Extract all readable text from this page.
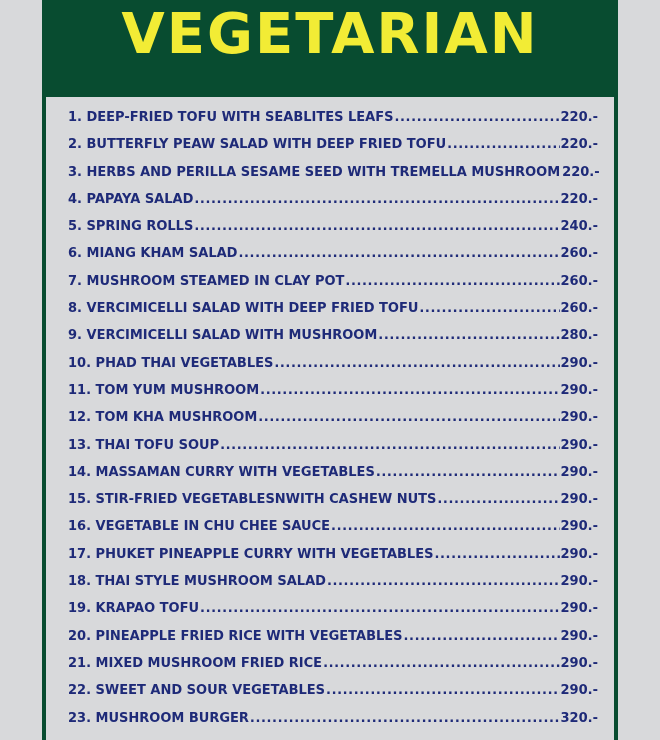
VEGETARIAN
1. DEEP-FRIED TOFU WITH SEABLITES LEAFS .....	220.-
2. BUTTERFLY PEAW SALAD WITH DEEP FRIED TOFU .....	220.-
3. HERBS AND PERILLA SESAME SEED WITH TREMELLA MUSHROOM 220.-
4. PAPAYA SALAD .....	220.-
5. SPRING ROLLS .....	240.-
6. MIANG KHAM SALAD .....	260.-
7. MUSHROOM STEAMED IN CLAY POT .....	260.-
8. VERCIMICELLI SALAD WITH DEEP FRIED TOFU .....	260.-
9. VERCIMICELLI SALAD WITH MUSHROOM .....	280.-
10. PHAD THAI VEGETABLES .....	290.-
11. TOM YUM MUSHROOM .....	290.-
12. TOM KHA MUSHROOM .....	290.-
13. THAI TOFU SOUP .....	290.-
14. MASSAMAN CURRY WITH VEGETABLES .....	290.-
15. STIR-FRIED VEGETABLESNWITH CASHEW NUTS .....	290.-
16. VEGETABLE IN CHU CHEE SAUCE .....	290.-
17. PHUKET PINEAPPLE CURRY WITH VEGETABLES .....	290.-
18. THAI STYLE MUSHROOM SALAD .....	290.-
19. KRAPAO TOFU .....	290.-
20. PINEAPPLE FRIED RICE WITH VEGETABLES .....	290.-
21. MIXED MUSHROOM FRIED RICE .....	290.-
22. SWEET AND SOUR VEGETABLES .....	290.-
23. MUSHROOM BURGER .....	320.-
